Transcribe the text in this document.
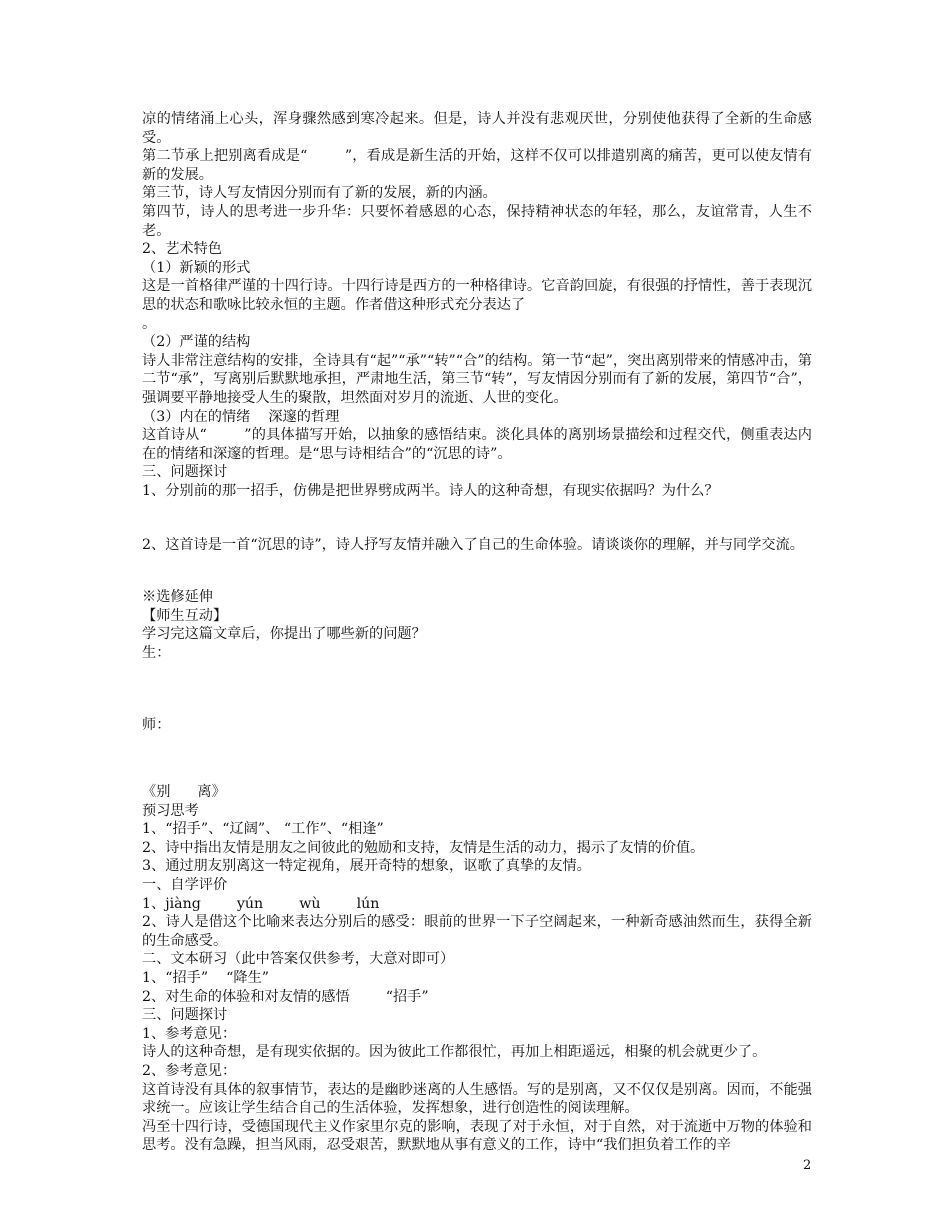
凉的情绪涌上心头，浑身骤然感到寒冷起来。但是，诗人并没有悲观厌世，分别使他获得了全新的生命感受。

第二节承上把别离看成是“        ”，看成是新生活的开始，这样不仅可以排遣别离的痛苦，更可以使友情有新的发展。

第三节，诗人写友情因分别而有了新的发展，新的内涵。

第四节，诗人的思考进一步升华：只要怀着感恩的心态，保持精神状态的年轻，那么，友谊常青，人生不老。

2、艺术特色

（1）新颖的形式

这是一首格律严谨的十四行诗。十四行诗是西方的一种格律诗。它音韵回旋，有很强的抒情性，善于表现沉思的状态和歌咏比较永恒的主题。作者借这种形式充分表达了

。

（2）严谨的结构

诗人非常注意结构的安排，全诗具有“起”“承”“转”“合”的结构。第一节“起”，突出离别带来的情感冲击，第二节“承”，写离别后默默地承担，严肃地生活，第三节“转”，写友情因分别而有了新的发展，第四节“合”，强调要平静地接受人生的聚散，坦然面对岁月的流逝、人世的变化。

（3）内在的情绪    深邃的哲理

这首诗从“        ”的具体描写开始，以抽象的感悟结束。淡化具体的离别场景描绘和过程交代，侧重表达内在的情绪和深邃的哲理。是“思与诗相结合”的“沉思的诗”。

三、问题探讨

1、分别前的那一招手，仿佛是把世界劈成两半。诗人的这种奇想，有现实依据吗？为什么？

2、这首诗是一首“沉思的诗”，诗人抒写友情并融入了自己的生命体验。请谈谈你的理解，并与同学交流。

※选修延伸

【师生互动】

学习完这篇文章后，你提出了哪些新的问题？

生：

师：

《别      离》

预习思考

1、“招手”、“辽阔”、 “工作”、“相逢”

2、诗中指出友情是朋友之间彼此的勉励和支持，友情是生活的动力，揭示了友情的价值。

3、通过朋友别离这一特定视角，展开奇特的想象，讴歌了真挚的友情。

一、自学评价

1、jiàng        yún        wù        lún

2、诗人是借这个比喻来表达分别后的感受：眼前的世界一下子空阔起来，一种新奇感油然而生，获得全新的生命感受。

二、文本研习（此中答案仅供参考，大意对即可）

1、“招手”    “降生”

2、对生命的体验和对友情的感悟        “招手”

三、问题探讨

1、参考意见：

诗人的这种奇想，是有现实依据的。因为彼此工作都很忙，再加上相距遥远，相聚的机会就更少了。

2、参考意见：

这首诗没有具体的叙事情节，表达的是幽眇迷离的人生感悟。写的是别离，又不仅仅是别离。因而，不能强求统一。应该让学生结合自己的生活体验，发挥想象，进行创造性的阅读理解。

冯至十四行诗，受德国现代主义作家里尔克的影响，表现了对于永恒，对于自然，对于流逝中万物的体验和思考。没有急躁，担当风雨，忍受艰苦，默默地从事有意义的工作，诗中“我们担负着工作的辛

2
